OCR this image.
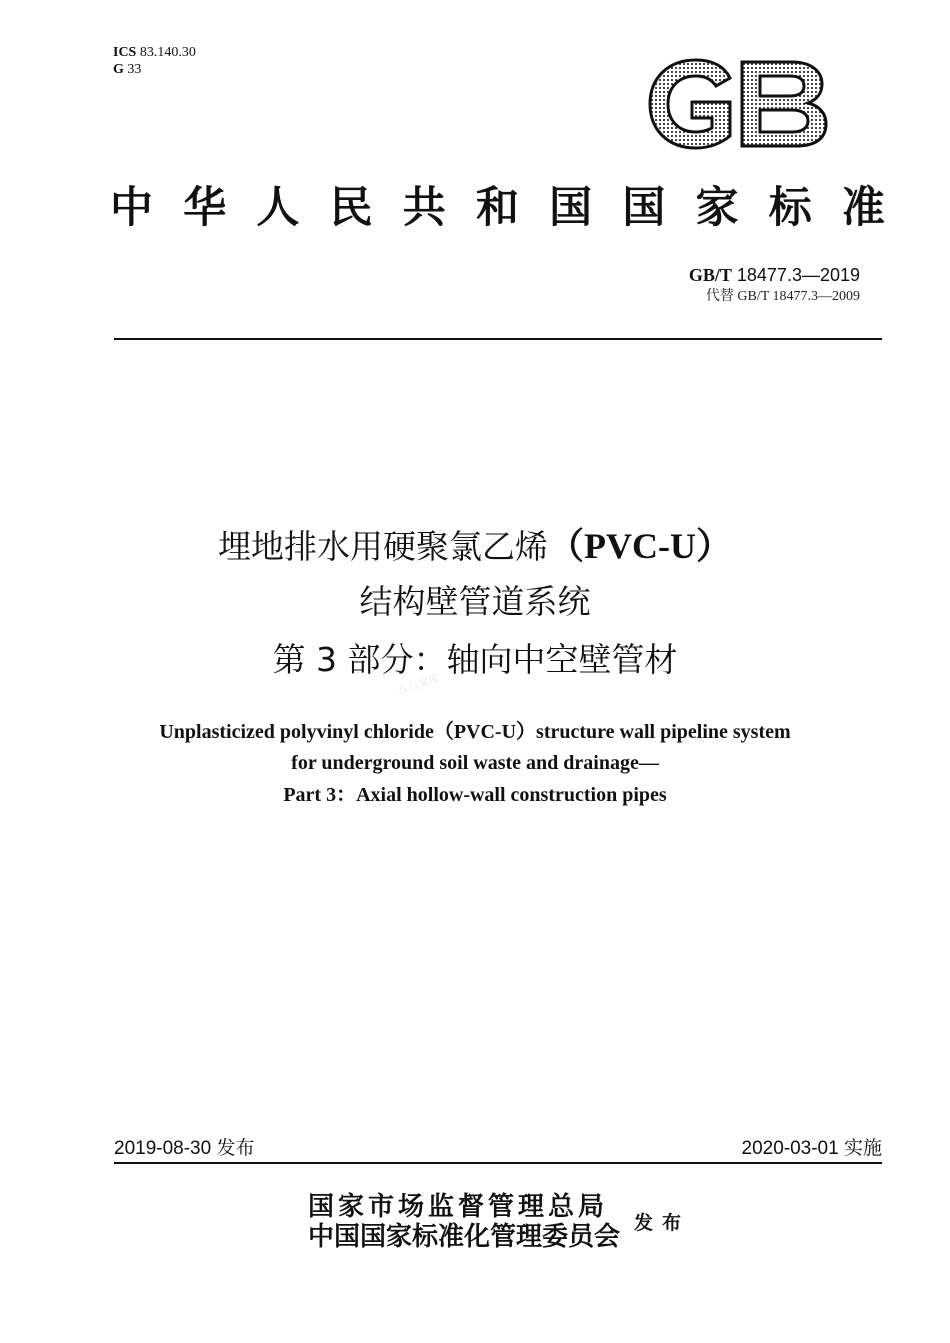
ICS 83.140.30
G 33
中 华 人 民 共 和 国 国 家 标 准
GB/T 18477.3—2019
代替 GB/T 18477.3—2009
埋地排水用硬聚氯乙烯（PVC-U）
结构壁管道系统
第 3 部分：轴向中空壁管材
五八文库
Unplasticized polyvinyl chloride（PVC-U）structure wall pipeline system
for underground soil waste and drainage—
Part 3：Axial hollow-wall construction pipes
2019-08-30 发布	2020-03-01 实施
国家市场监督管理总局
中国国家标准化管理委员会 发布
